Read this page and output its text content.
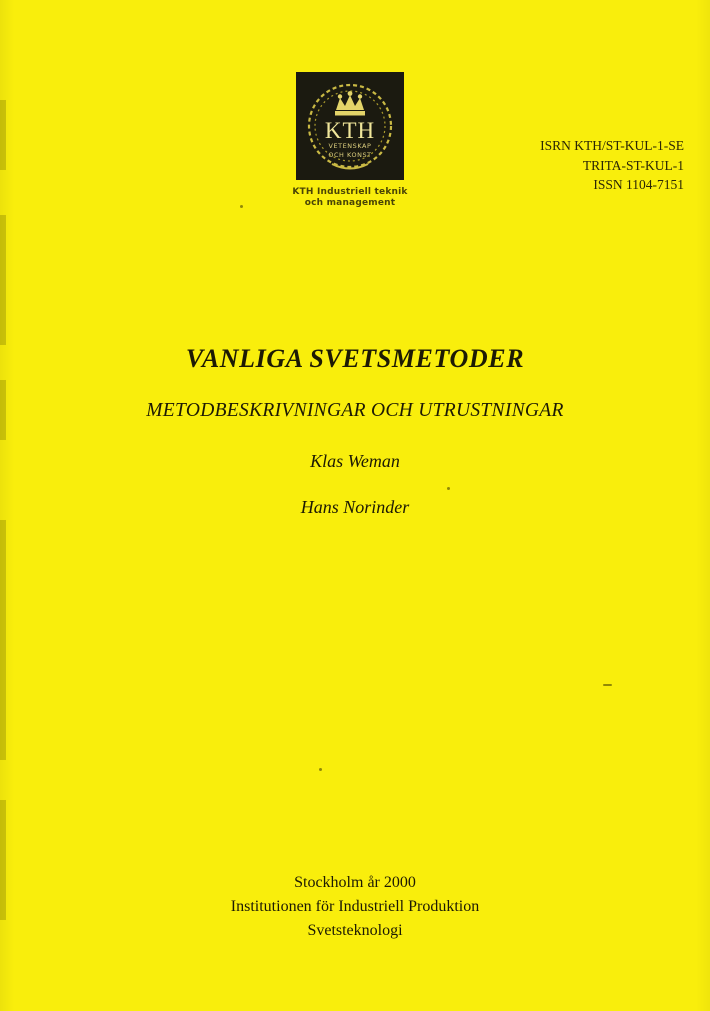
KTH
VETENSKAP
OCH KONST
KTH Industriell teknik
och management
ISRN KTH/ST-KUL-1-SE
TRITA-ST-KUL-1
ISSN 1104-7151
VANLIGA SVETSMETODER
METODBESKRIVNINGAR OCH UTRUSTNINGAR
Klas Weman
Hans Norinder
Stockholm år 2000
Institutionen för Industriell Produktion
Svetsteknologi
